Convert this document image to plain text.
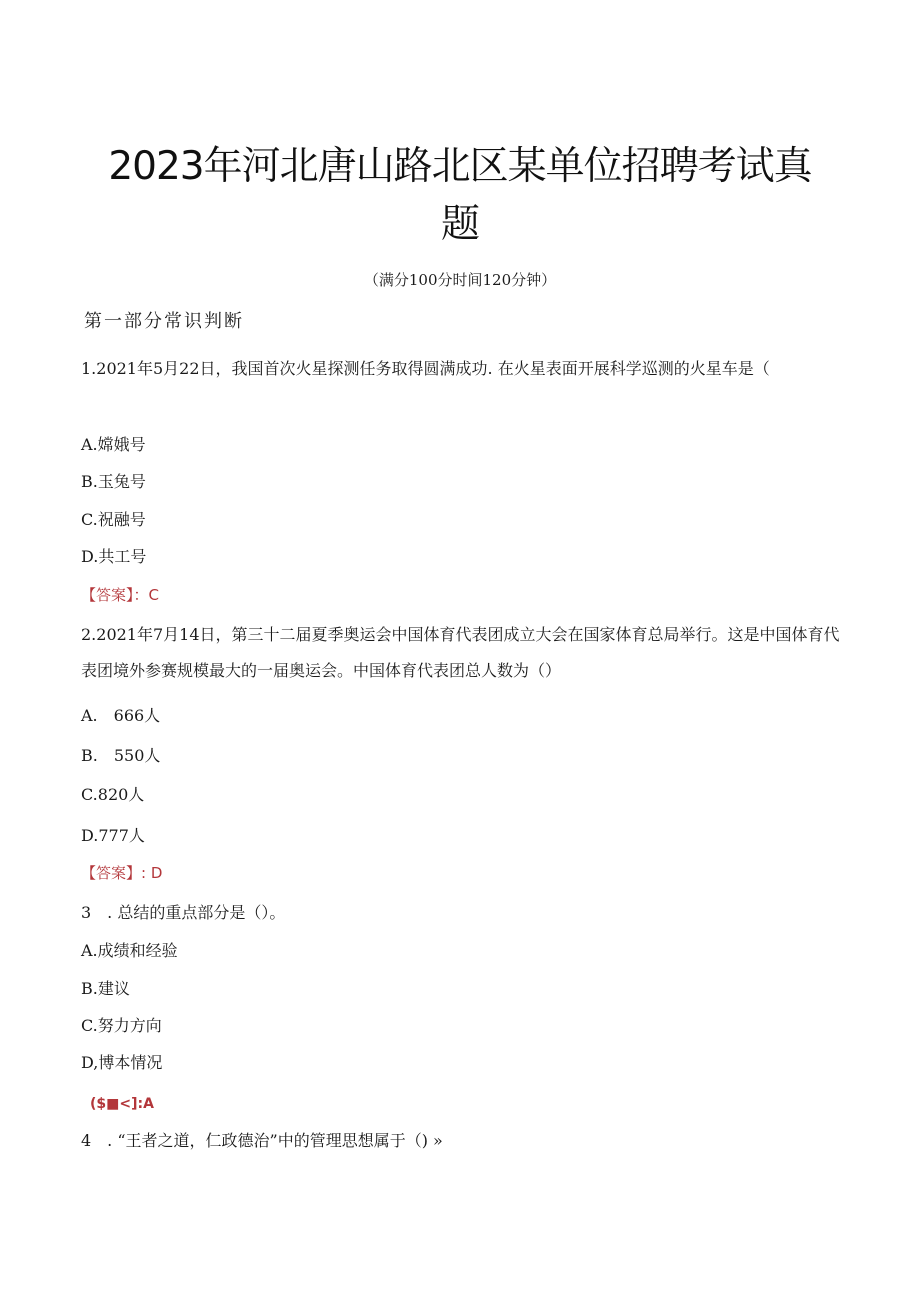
2023年河北唐山路北区某单位招聘考试真题
（满分100分时间120分钟）
第一部分常识判断
1.2021年5月22日，我国首次火星探测任务取得圆满成功. 在火星表面开展科学巡测的火星车是（
A.嫦娥号
B.玉兔号
C.祝融号
D.共工号
【答案】：C
2.2021年7月14日，第三十二届夏季奥运会中国体育代表团成立大会在国家体育总局举行。这是中国体育代表团境外参赛规模最大的一届奥运会。中国体育代表团总人数为（）
A.　666人
B.　550人
C.820人
D.777人
【答案】: D
3　. 总结的重点部分是（）。
A.成绩和经验
B.建议
C.努力方向
D,博本情况
($■<]:A
4　. “王者之道，仁政德治”中的管理思想属于（) »
